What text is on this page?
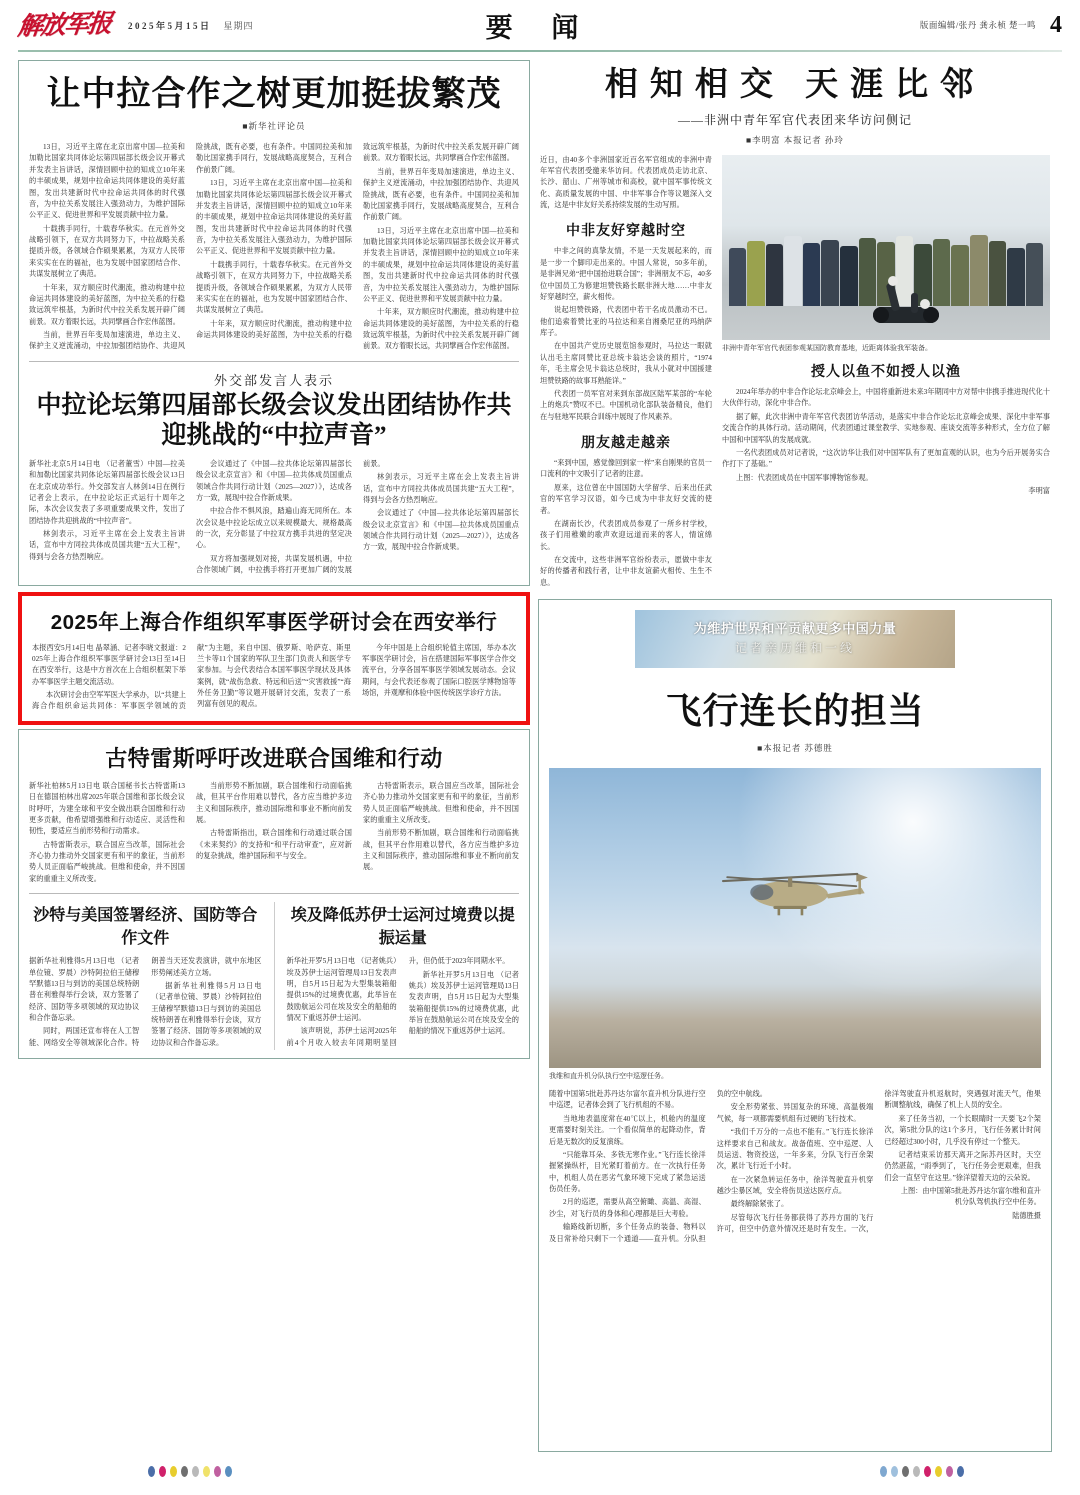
解放军报 2025年5月15日 星期四	要 闻	版面编辑/张丹 龚永桢 楚一鸣 4
让中拉合作之树更加挺拔繁茂
■新华社评论员

13日，习近平主席在北京出席中国—拉美和加勒比国家共同体论坛第四届部长级会议开幕式并发表主旨讲话，深情回顾中拉的知成立10年来的丰硕成果，规划中拉命运共同体建设的美好蓝图，发出共建新时代中拉命运共同体的时代强音，为中拉关系发展注入强劲动力，为维护国际公平正义、促进世界和平发展贡献中拉力量。

十载携手同行，十载春华秋实。在元首外交战略引领下，在双方共同努力下，中拉战略关系提质升级，各领域合作硕果累累，为双方人民带来实实在在的福祉，也为发展中国家团结合作、共谋发展树立了典范。

十年来，双方顺应时代潮流，推动构建中拉命运共同体建设的美好蓝图，为中拉关系的行稳致远筑牢根基，为新时代中拉关系发展开辟广阔前景。双方着眼长远，共同擘画合作宏伟蓝图。

当前，世界百年变局加速演进，单边主义、保护主义逆流涌动，中拉加强团结协作、共迎风险挑战，既有必要，也有条件。中国同拉美和加勒比国家携手同行，发展战略高度契合，互利合作前景广阔。

13日，习近平主席在北京出席中国—拉美和加勒比国家共同体论坛第四届部长级会议开幕式并发表主旨讲话，深情回顾中拉的知成立10年来的丰硕成果，规划中拉命运共同体建设的美好蓝图，发出共建新时代中拉命运共同体的时代强音，为中拉关系发展注入强劲动力，为维护国际公平正义、促进世界和平发展贡献中拉力量。

十载携手同行，十载春华秋实。在元首外交战略引领下，在双方共同努力下，中拉战略关系提质升级，各领域合作硕果累累，为双方人民带来实实在在的福祉，也为发展中国家团结合作、共谋发展树立了典范。

十年来，双方顺应时代潮流，推动构建中拉命运共同体建设的美好蓝图，为中拉关系的行稳致远筑牢根基，为新时代中拉关系发展开辟广阔前景。双方着眼长远，共同擘画合作宏伟蓝图。

当前，世界百年变局加速演进，单边主义、保护主义逆流涌动，中拉加强团结协作、共迎风险挑战，既有必要，也有条件。中国同拉美和加勒比国家携手同行，发展战略高度契合，互利合作前景广阔。

13日，习近平主席在北京出席中国—拉美和加勒比国家共同体论坛第四届部长级会议开幕式并发表主旨讲话，深情回顾中拉的知成立10年来的丰硕成果，规划中拉命运共同体建设的美好蓝图，发出共建新时代中拉命运共同体的时代强音，为中拉关系发展注入强劲动力，为维护国际公平正义、促进世界和平发展贡献中拉力量。

十年来，双方顺应时代潮流，推动构建中拉命运共同体建设的美好蓝图，为中拉关系的行稳致远筑牢根基，为新时代中拉关系发展开辟广阔前景。双方着眼长远，共同擘画合作宏伟蓝图。

外交部发言人表示
中拉论坛第四届部长级会议发出团结协作共迎挑战的“中拉声音”

新华社北京5月14日电 （记者董雪）中国—拉美和加勒比国家共同体论坛第四届部长级会议13日在北京成功举行。外交部发言人林剑14日在例行记者会上表示，在中拉论坛正式运行十周年之际，本次会议发表了多项重要成果文件，发出了团结协作共迎挑战的“中拉声音”。

林剑表示，习近平主席在会上发表主旨讲话，宣布中方同拉共体成员国共建“五大工程”，得到与会各方热烈响应。

会议通过了《中国—拉共体论坛第四届部长级会议北京宣言》和《中国—拉共体成员国重点领域合作共同行动计划（2025—2027）》，达成各方一致，展现中拉合作新成果。

中拉合作不惧风浪，踏遍山海无同所在。本次会议是中拉论坛成立以来规模最大、规格最高的一次，充分彰显了中拉双方携手共进的坚定决心。

双方将加强规划对接，共谋发展机遇，中拉合作领域广阔，中拉携手将打开更加广阔的发展前景。

林剑表示，习近平主席在会上发表主旨讲话，宣布中方同拉共体成员国共建“五大工程”，得到与会各方热烈响应。

会议通过了《中国—拉共体论坛第四届部长级会议北京宣言》和《中国—拉共体成员国重点领域合作共同行动计划（2025—2027）》，达成各方一致，展现中拉合作新成果。

2025年上海合作组织军事医学研讨会在西安举行

本报西安5月14日电 晶翠涵、记者李晓文报道：2025年上海合作组织军事医学研讨会13日至14日在西安举行，这是中方首次在上合组织框架下举办军事医学主题交流活动。

本次研讨会由空军军医大学承办，以“共建上海合作组织命运共同体：军事医学领域的贡献”为主题，来自中国、俄罗斯、哈萨克、斯里兰卡等11个国家的军队卫生部门负责人和医学专家参加。与会代表结合本国军事医学现状及具体案例，就“战伤急救、特远和后送”“灾害救援”“海外任务卫勤”等议题开展研讨交流，发表了一系列富有创见的观点。

今年中国是上合组织轮值主席国，举办本次军事医学研讨会，旨在搭建国际军事医学合作交流平台，分享各国军事医学领域发展动态。会议期间，与会代表还参观了国际口腔医学博物馆等场馆，并观摩和体验中医传统医学诊疗方法。

古特雷斯呼吁改进联合国维和行动

新华社柏林5月13日电 联合国秘书长古特雷斯13日在德国柏林出席2025年联合国维和部长级会议时呼吁，为建全球和平安全做出联合国维和行动更多贡献，他希望增强维和行动适应、灵活性和韧性，要适应当前形势和行动需求。

古特雷斯表示，联合国应当改革，国际社会齐心协力推动外交国家更有和平的象征，当前形势人员正面临严峻挑战。但维和使命，并不因国家的重重主义所改变。

当前形势不断加剧，联合国维和行动面临挑战，但其平台作用难以替代，各方应当维护多边主义和国际秩序，推动国际维和事业不断向前发展。

古特雷斯指出，联合国维和行动通过联合国《未来契约》的支持和“和平行动审查”，应对新的复杂挑战，维护国际和平与安全。

古特雷斯表示，联合国应当改革，国际社会齐心协力推动外交国家更有和平的象征，当前形势人员正面临严峻挑战。但维和使命，并不因国家的重重主义所改变。

当前形势不断加剧，联合国维和行动面临挑战，但其平台作用难以替代，各方应当维护多边主义和国际秩序，推动国际维和事业不断向前发展。

沙特与美国签署经济、国防等合作文件

据新华社利雅得5月13日电 （记者单位镜、罗晨）沙特阿拉伯王储穆罕默德13日与到访的美国总统特朗普在利雅得举行会谈，双方签署了经济、国防等多项领域的双边协议和合作备忘录。

同时，两国还宣布将在人工智能、网络安全等领域深化合作。特朗普当天还发表演讲，就中东地区形势阐述美方立场。

据新华社利雅得5月13日电 （记者单位镜、罗晨）沙特阿拉伯王储穆罕默德13日与到访的美国总统特朗普在利雅得举行会谈，双方签署了经济、国防等多项领域的双边协议和合作备忘录。

埃及降低苏伊士运河过境费以提振运量

新华社开罗5月13日电 （记者姚兵）埃及苏伊士运河管理局13日发表声明，自5月15日起为大型集装箱船提供15%的过境费优惠，此举旨在鼓励航运公司在埃及安全的船舶的情况下重返苏伊士运河。

该声明说，苏伊士运河2025年前4个月收入较去年同期明显回升，但仍低于2023年同期水平。

新华社开罗5月13日电 （记者姚兵）埃及苏伊士运河管理局13日发表声明，自5月15日起为大型集装箱船提供15%的过境费优惠，此举旨在鼓励航运公司在埃及安全的船舶的情况下重返苏伊士运河。

相知相交 天涯比邻
——非洲中青年军官代表团来华访问侧记
■李明富 本报记者 孙玲

近日，由40多个非洲国家近百名军官组成的非洲中青年军官代表团受邀来华访问。代表团成员走访北京、长沙、韶山、广州等城市和高校，就中国军事传统文化、高质量发展的中国、中非军事合作等议题深入交流，这是中非友好关系持续发展的生动写照。

中非友好穿越时空

中非之间的真挚友情，不是一天发展起来的，而是一步一个脚印走出来的。中国人常说，50多年前，是非洲兄弟“把中国抬进联合国”；非洲朋友不忘，40多位中国员工为修建坦赞铁路长眠非洲大地……中非友好穿越时空，薪火相传。

说起坦赞铁路，代表团中若干名成员激动不已。他们追索着赞比亚的马拉达和来自湘桑尼亚的玛纳萨库子。

在中国共产党历史展览馆参观时，马拉达一眼就认出毛主席同赞比亚总统卡翁达会谈的照片，“1974年，毛主席会见卡翁达总统时，我从小就对中国援建坦赞铁路的故事耳熟能详。”

代表团一员军官对来到东部战区陆军某部的“车轮上的炮兵”赞叹不已。中国机动化部队装备精良，他们在与驻地军民联合训练中展现了作风素养。

朋友越走越亲

“来到中国，感觉像回到家一样”来自刚果的官员一口流利的中文吸引了记者的注意。

原来，这位曾在中国国防大学留学、后来出任武官的军官学习汉语，如今已成为中非友好交流的使者。

在湖南长沙，代表团成员参观了一所乡村学校，孩子们用稚嫩的歌声欢迎远道而来的客人，情谊绵长。

在交流中，这些非洲军官纷纷表示，愿做中非友好的传播者和践行者，让中非友谊薪火相传、生生不息。

非洲中青年军官代表团参观某国防教育基地，近距离体验我军装备。
授人以鱼不如授人以渔

2024年举办的中非合作论坛北京峰会上，中国将重新进未来3年期同中方对帮中非携手推进现代化十大伙伴行动，深化中非合作。

据了解，此次非洲中青年军官代表团访华活动，是落实中非合作论坛北京峰会成果、深化中非军事交流合作的具体行动。活动期间，代表团通过课堂教学、实地参观、座谈交流等多种形式，全方位了解中国和中国军队的发展成就。

一名代表团成员对记者说，“这次访华让我们对中国军队有了更加直观的认识，也为今后开展务实合作打下了基础。”

上图：代表团成员在中国军事博物馆参观。

李明富

为维护世界和平贡献更多中国力量
记者亲历维和一线
飞行连长的担当
■本报记者 苏德胜
我维和直升机分队执行空中巡逻任务。

随着中国第5批赴苏丹达尔富尔直升机分队进行空中巡逻，记者体会到了飞行机组的不易。

当地地表温度常在40℃以上，机舱内的温度更需要时刻关注。一个看似简单的起降动作，背后是无数次的反复演练。

“只能靠耳朵、多铁无寒作业。”飞行连长徐洋握紧操纵杆，目光紧盯着前方。在一次执行任务中，机组人员在恶劣气象环境下完成了紧急运送伤员任务。

2月的巡逻，需要从高空俯瞰、高温、高湿、沙尘，对飞行员的身体和心理都是巨大考验。

输路线新切断，多个任务点的装备、物料以及日常补给只剩下一个通道——直升机。分队担负的空中航线。

安全形势紧张、异国复杂的环境、高温极端气候，每一项都需要机组有过硬的飞行技术。

“我们千万分的一点也不能有。”飞行连长徐洋这样要求自己和战友。战备值班、空中巡逻、人员运送、物资投送，一年多来，分队飞行百余架次，累计飞行近千小时。

在一次紧急转运任务中，徐洋驾驶直升机穿越沙尘暴区域，安全将伤员送达医疗点。

最终解除紧张了。

尽管每次飞行任务都获得了苏丹方面的飞行许可，但空中仍意外情况还是时有发生。一次，徐洋驾驶直升机返航时，突遇强对流天气，他果断调整航线，确保了机上人员的安全。

来了任务当初，一个长眼睛时一天要飞2个架次，第5批分队的这1个多月，飞行任务累计时间已经超过300小时，几乎没有停过一个整天。

记者结束采访那天离开之际苏丹区时，天空仍然湛蓝，“雨季到了，飞行任务会更艰难，但我们会一直坚守在这里。”徐洋望着天边的云朵说。

上图：由中国第5批赴苏丹达尔富尔维和直升机分队驾机执行空中任务。

陆德胜摄
